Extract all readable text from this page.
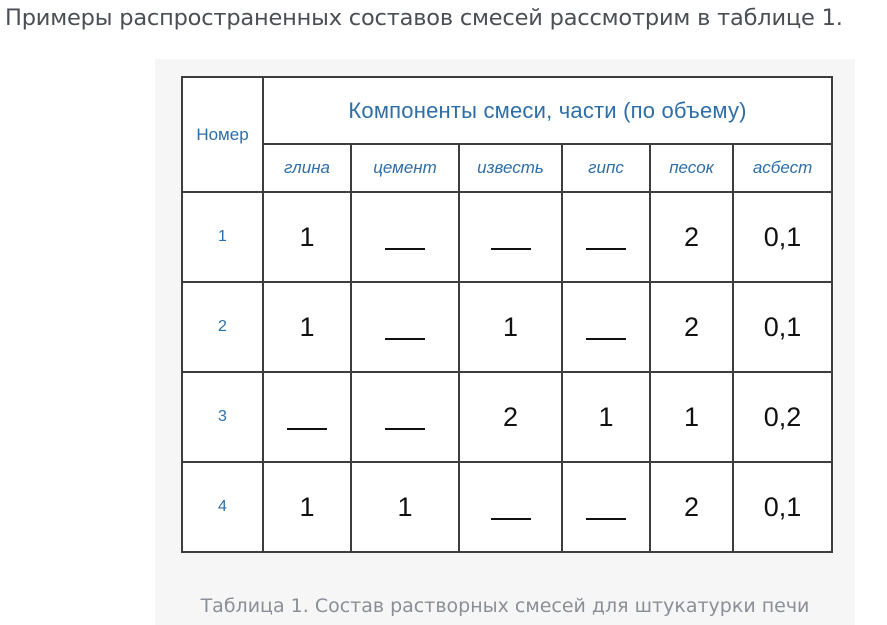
Примеры распространенных составов смесей рассмотрим в таблице 1.
Номер	Компоненты смеси, части (по объему)					
	глина	цемент	известь	гипс	песок	асбест
1	1				2	0,1
2	1		1		2	0,1
3			2	1	1	0,2
4	1	1			2	0,1
Таблица 1. Состав растворных смесей для штукатурки печи
